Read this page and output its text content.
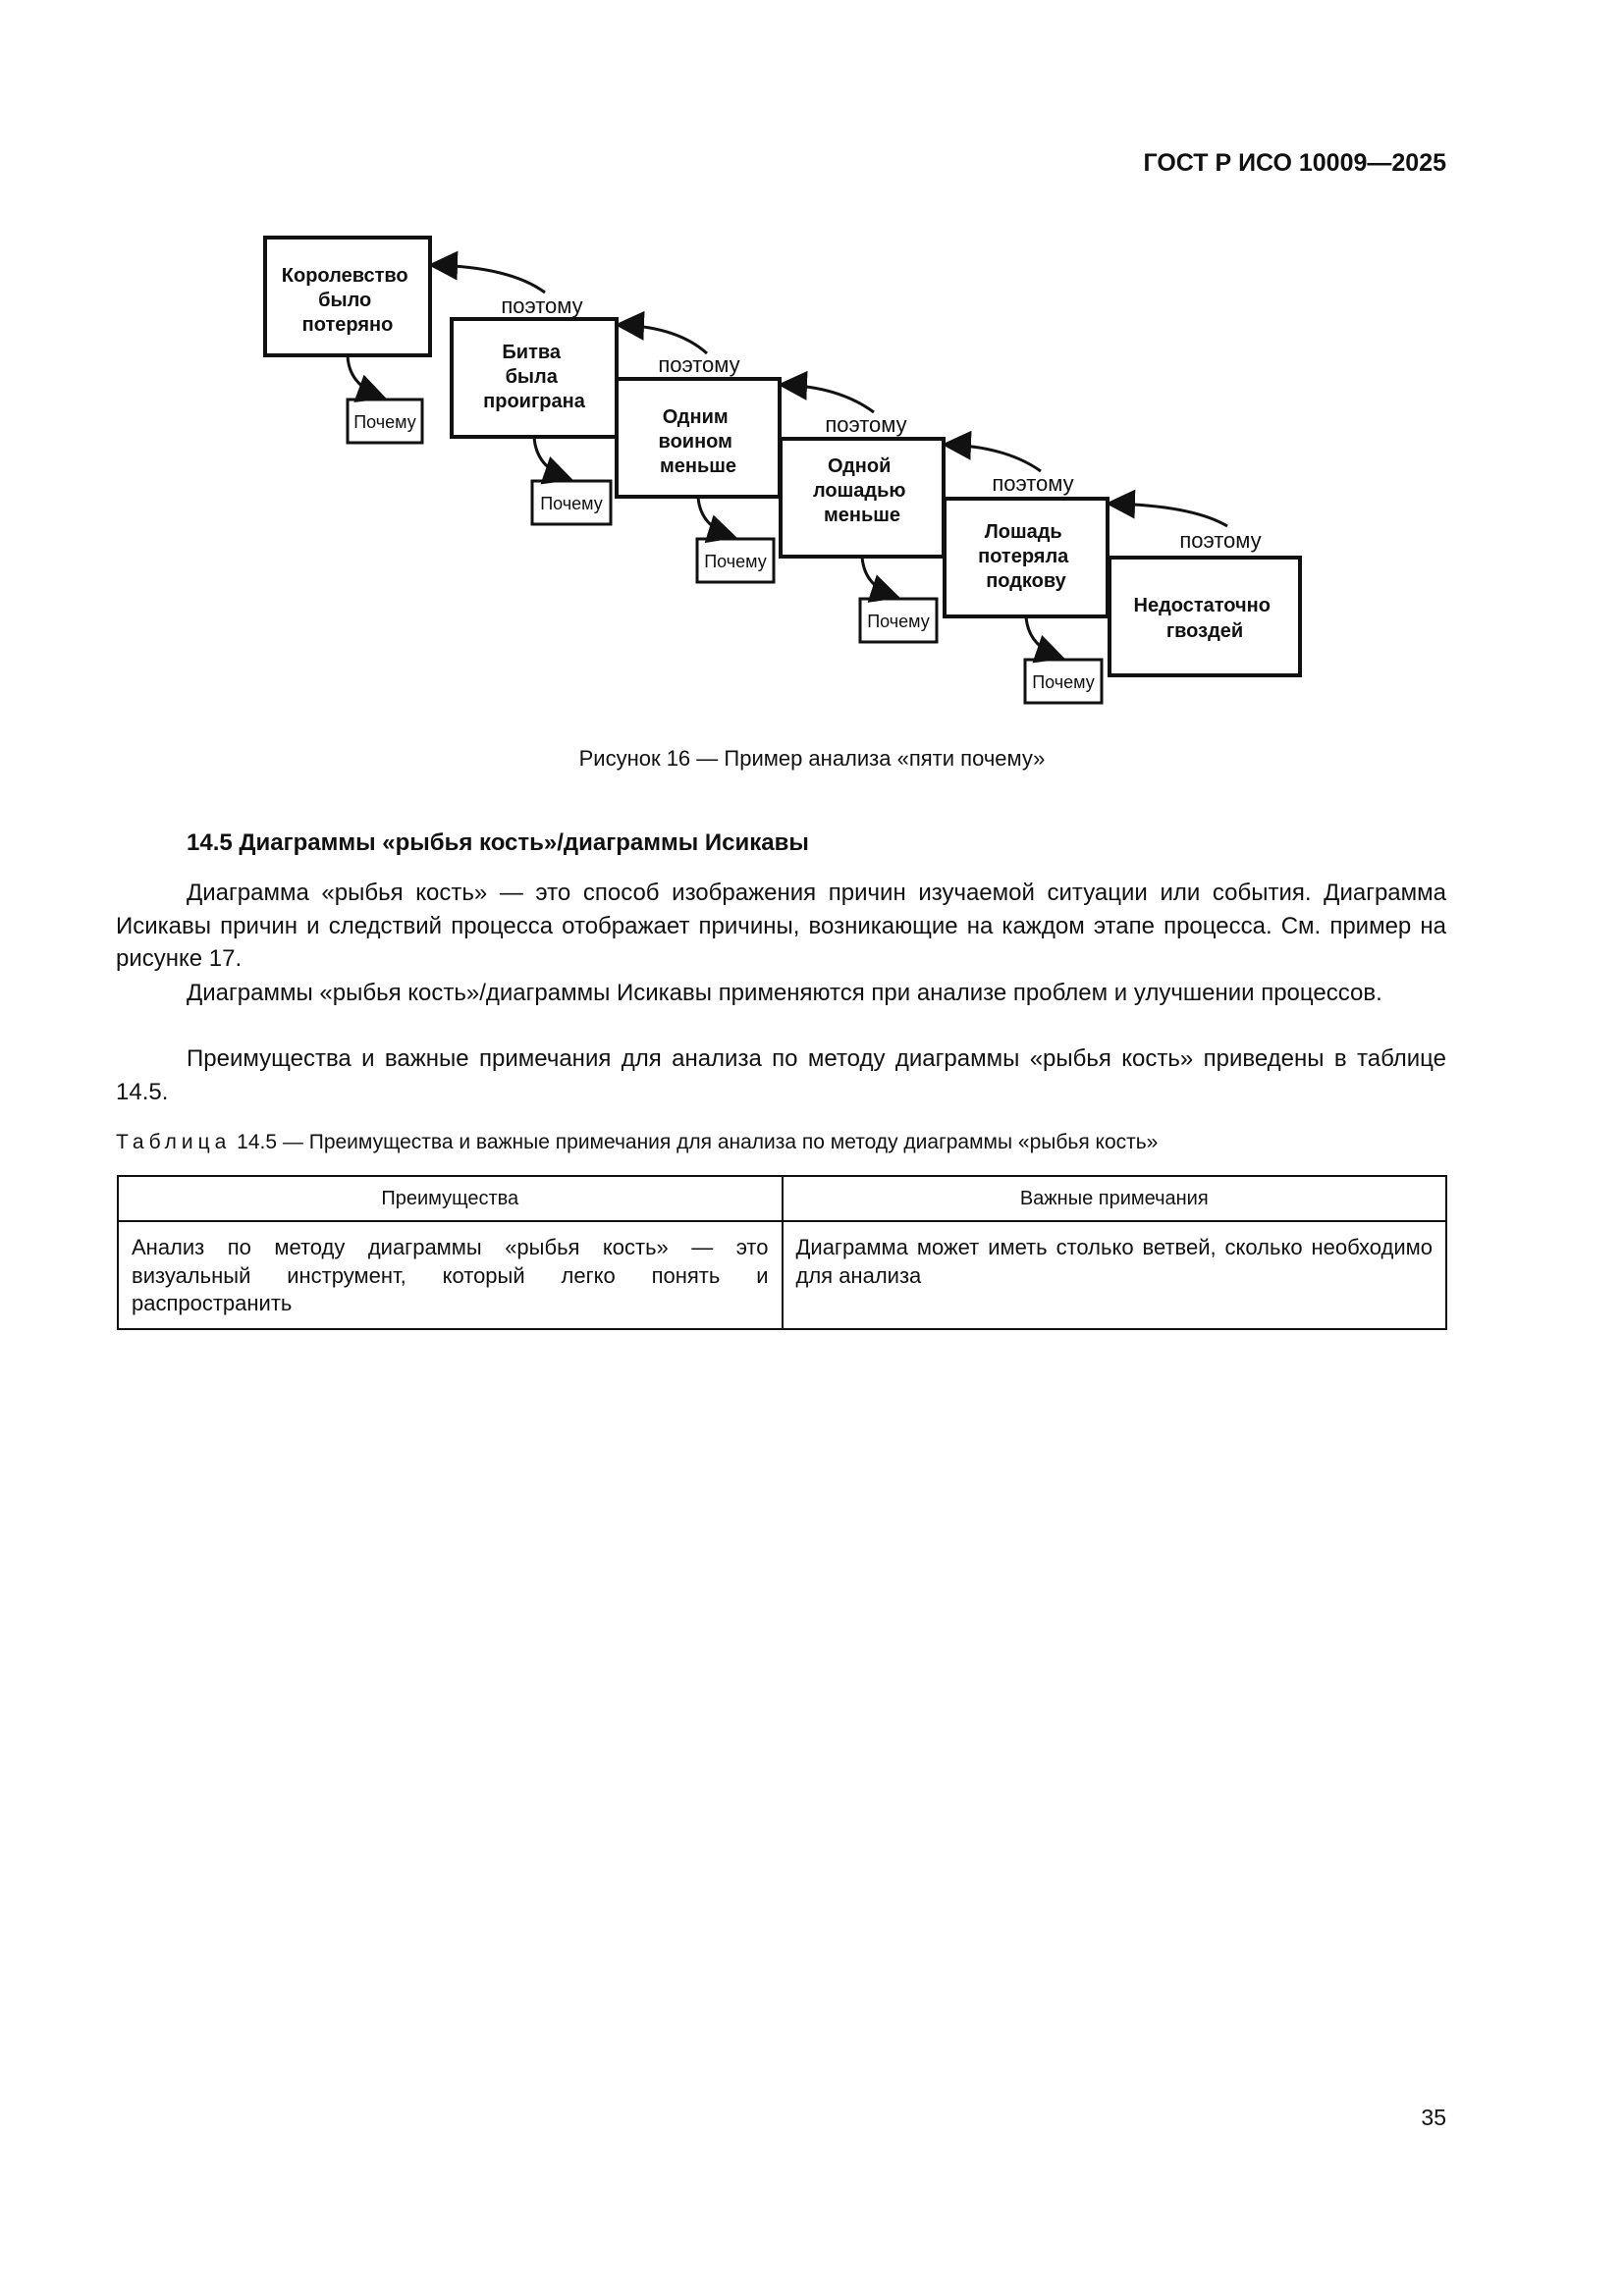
ГОСТ Р ИСО 10009—2025

Королевство было потеряно
Битва была проиграна
Одним воином меньше	Одной лошадью меньше
Лошадь потеряла подкову
Недостаточно гвоздей
Почему
Почему
Почему
Почему
Почему
поэтому
поэтому
поэтому
поэтому
поэтому

Рисунок 16 — Пример анализа «пяти почему»

14.5 Диаграммы «рыбья кость»/диаграммы Исикавы

Диаграмма «рыбья кость» — это способ изображения причин изучаемой ситуации или события. Диаграмма Исикавы причин и следствий процесса отображает причины, возникающие на каждом этапе процесса. См. пример на рисунке 17.

Диаграммы «рыбья кость»/диаграммы Исикавы применяются при анализе проблем и улучшении процессов.

Преимущества и важные примечания для анализа по методу диаграммы «рыбья кость» приведены в таблице 14.5.

Таблица 14.5 — Преимущества и важные примечания для анализа по методу диаграммы «рыбья кость»

Преимущества	Важные примечания
Анализ по методу диаграммы «рыбья кость» — это визуальный инструмент, который легко понять и распространить	Диаграмма может иметь столько ветвей, сколько необходимо для анализа

35
